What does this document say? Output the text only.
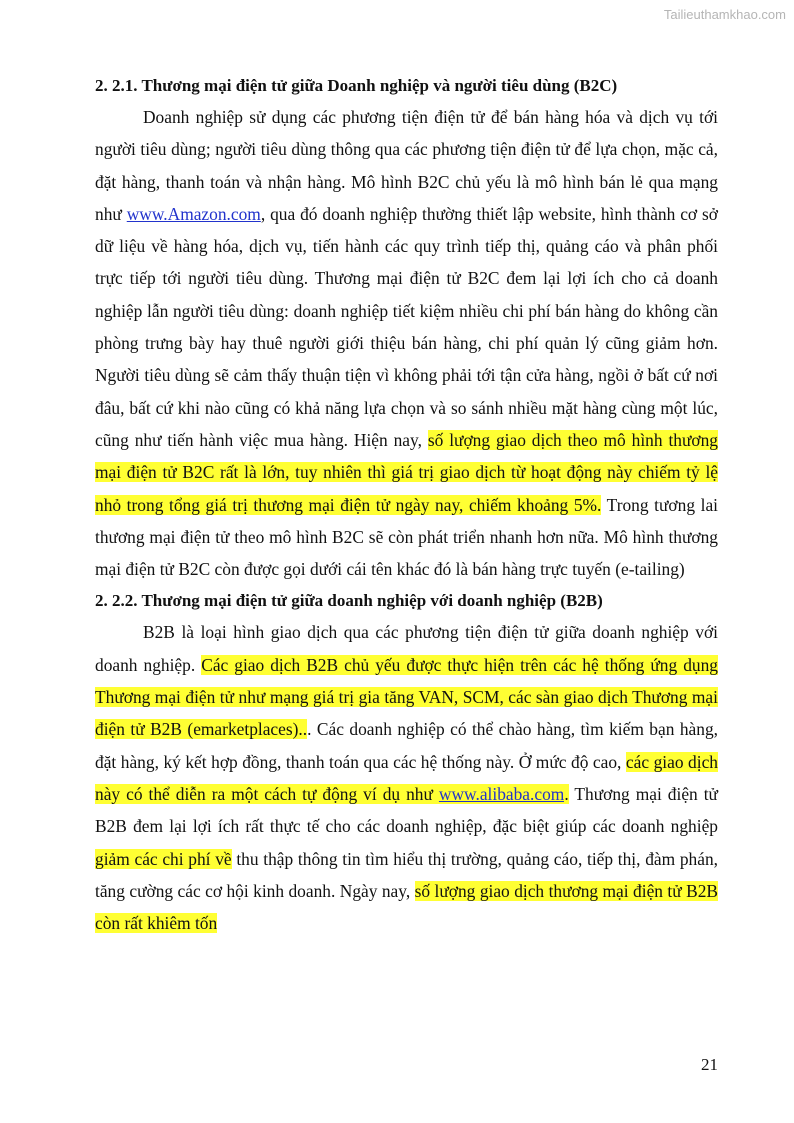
Tailieuthamkhao.com

2. 2.1. Thương mại điện tử giữa Doanh nghiệp và người tiêu dùng (B2C)

Doanh nghiệp sử dụng các phương tiện điện tử để bán hàng hóa và dịch vụ tới người tiêu dùng; người tiêu dùng thông qua các phương tiện điện tử để lựa chọn, mặc cả, đặt hàng, thanh toán và nhận hàng. Mô hình B2C chủ yếu là mô hình bán lẻ qua mạng như www.Amazon.com, qua đó doanh nghiệp thường thiết lập website, hình thành cơ sở dữ liệu về hàng hóa, dịch vụ, tiến hành các quy trình tiếp thị, quảng cáo và phân phối trực tiếp tới người tiêu dùng. Thương mại điện tử B2C đem lại lợi ích cho cả doanh nghiệp lẫn người tiêu dùng: doanh nghiệp tiết kiệm nhiều chi phí bán hàng do không cần phòng trưng bày hay thuê người giới thiệu bán hàng, chi phí quản lý cũng giảm hơn. Người tiêu dùng sẽ cảm thấy thuận tiện vì không phải tới tận cửa hàng, ngồi ở bất cứ nơi đâu, bất cứ khi nào cũng có khả năng lựa chọn và so sánh nhiều mặt hàng cùng một lúc, cũng như tiến hành việc mua hàng. Hiện nay, số lượng giao dịch theo mô hình thương mại điện tử B2C rất là lớn, tuy nhiên thì giá trị giao dịch từ hoạt động này chiếm tỷ lệ nhỏ trong tổng giá trị thương mại điện tử ngày nay, chiếm khoảng 5%. Trong tương lai thương mại điện tử theo mô hình B2C sẽ còn phát triển nhanh hơn nữa. Mô hình thương mại điện tử B2C còn được gọi dưới cái tên khác đó là bán hàng trực tuyến (e-tailing)

2. 2.2. Thương mại điện tử giữa doanh nghiệp với doanh nghiệp (B2B)

B2B là loại hình giao dịch qua các phương tiện điện tử giữa doanh nghiệp với doanh nghiệp. Các giao dịch B2B chủ yếu được thực hiện trên các hệ thống ứng dụng Thương mại điện tử như mạng giá trị gia tăng VAN, SCM, các sàn giao dịch Thương mại điện tử B2B (emarketplaces)... Các doanh nghiệp có thể chào hàng, tìm kiếm bạn hàng, đặt hàng, ký kết hợp đồng, thanh toán qua các hệ thống này. Ở mức độ cao, các giao dịch này có thể diễn ra một cách tự động ví dụ như www.alibaba.com. Thương mại điện tử B2B đem lại lợi ích rất thực tế cho các doanh nghiệp, đặc biệt giúp các doanh nghiệp giảm các chi phí về thu thập thông tin tìm hiểu thị trường, quảng cáo, tiếp thị, đàm phán, tăng cường các cơ hội kinh doanh. Ngày nay, số lượng giao dịch thương mại điện tử B2B còn rất khiêm tốn

21
